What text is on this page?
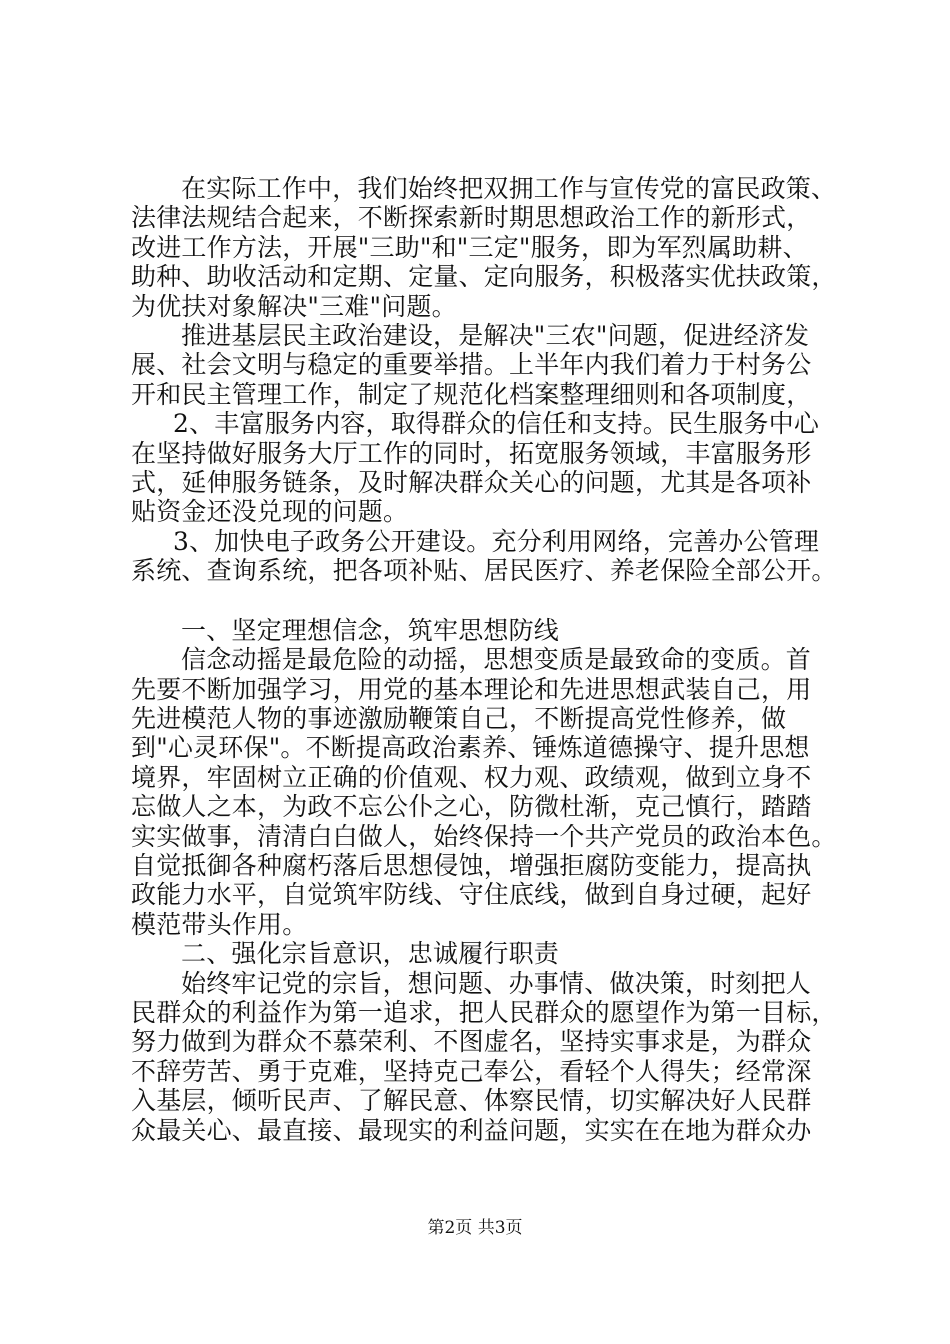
在实际工作中，我们始终把双拥工作与宣传党的富民政策、
法律法规结合起来，不断探索新时期思想政治工作的新形式，
改进工作方法，开展"三助"和"三定"服务，即为军烈属助耕、
助种、助收活动和定期、定量、定向服务，积极落实优扶政策，
为优扶对象解决"三难"问题。

推进基层民主政治建设，是解决"三农"问题，促进经济发
展、社会文明与稳定的重要举措。上半年内我们着力于村务公
开和民主管理工作，制定了规范化档案整理细则和各项制度，

2、丰富服务内容，取得群众的信任和支持。民生服务中心
在坚持做好服务大厅工作的同时，拓宽服务领域，丰富服务形
式，延伸服务链条，及时解决群众关心的问题，尤其是各项补
贴资金还没兑现的问题。

3、加快电子政务公开建设。充分利用网络，完善办公管理
系统、查询系统，把各项补贴、居民医疗、养老保险全部公开。

一、坚定理想信念，筑牢思想防线

信念动摇是最危险的动摇，思想变质是最致命的变质。首
先要不断加强学习，用党的基本理论和先进思想武装自己，用
先进模范人物的事迹激励鞭策自己，不断提高党性修养，做
到"心灵环保"。不断提高政治素养、锤炼道德操守、提升思想
境界，牢固树立正确的价值观、权力观、政绩观，做到立身不
忘做人之本，为政不忘公仆之心，防微杜渐，克己慎行，踏踏
实实做事，清清白白做人，始终保持一个共产党员的政治本色。
自觉抵御各种腐朽落后思想侵蚀，增强拒腐防变能力，提高执
政能力水平，自觉筑牢防线、守住底线，做到自身过硬，起好
模范带头作用。

二、强化宗旨意识，忠诚履行职责

始终牢记党的宗旨，想问题、办事情、做决策，时刻把人
民群众的利益作为第一追求，把人民群众的愿望作为第一目标，
努力做到为群众不慕荣利、不图虚名，坚持实事求是，为群众
不辞劳苦、勇于克难，坚持克己奉公，看轻个人得失；经常深
入基层，倾听民声、了解民意、体察民情，切实解决好人民群
众最关心、最直接、最现实的利益问题，实实在在地为群众办

第2页 共3页
